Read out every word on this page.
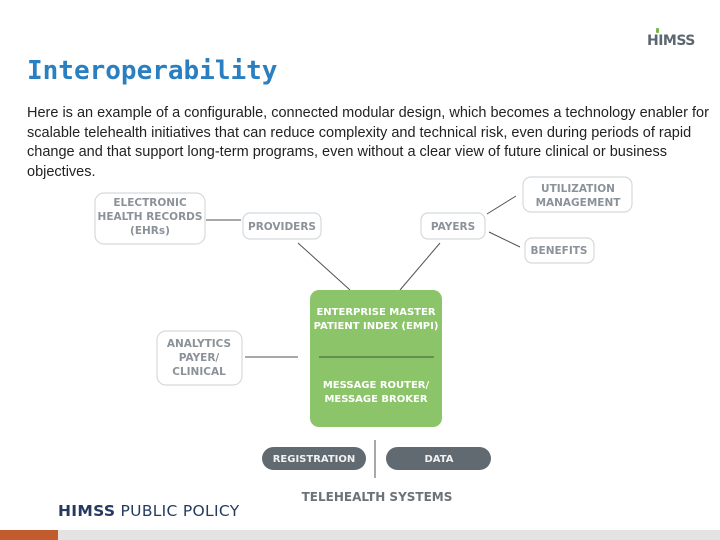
HIMSS
Interoperability

Here is an example of a configurable, connected modular design, which becomes a technology enabler for scalable telehealth initiatives that can reduce complexity and technical risk, even during periods of rapid change and that support long-term programs, even without a clear view of future clinical or business objectives.

ELECTRONIC
HEALTH RECORDS
(EHRs)	PROVIDERS	PAYERS
UTILIZATION
MANAGEMENT
BENEFITS
ANALYTICS
PAYER/
CLINICAL
ENTERPRISE MASTER
PATIENT INDEX (EMPI)
MESSAGE ROUTER/
MESSAGE BROKER
REGISTRATION	DATA
TELEHEALTH SYSTEMS
HIMSS PUBLIC POLICY
